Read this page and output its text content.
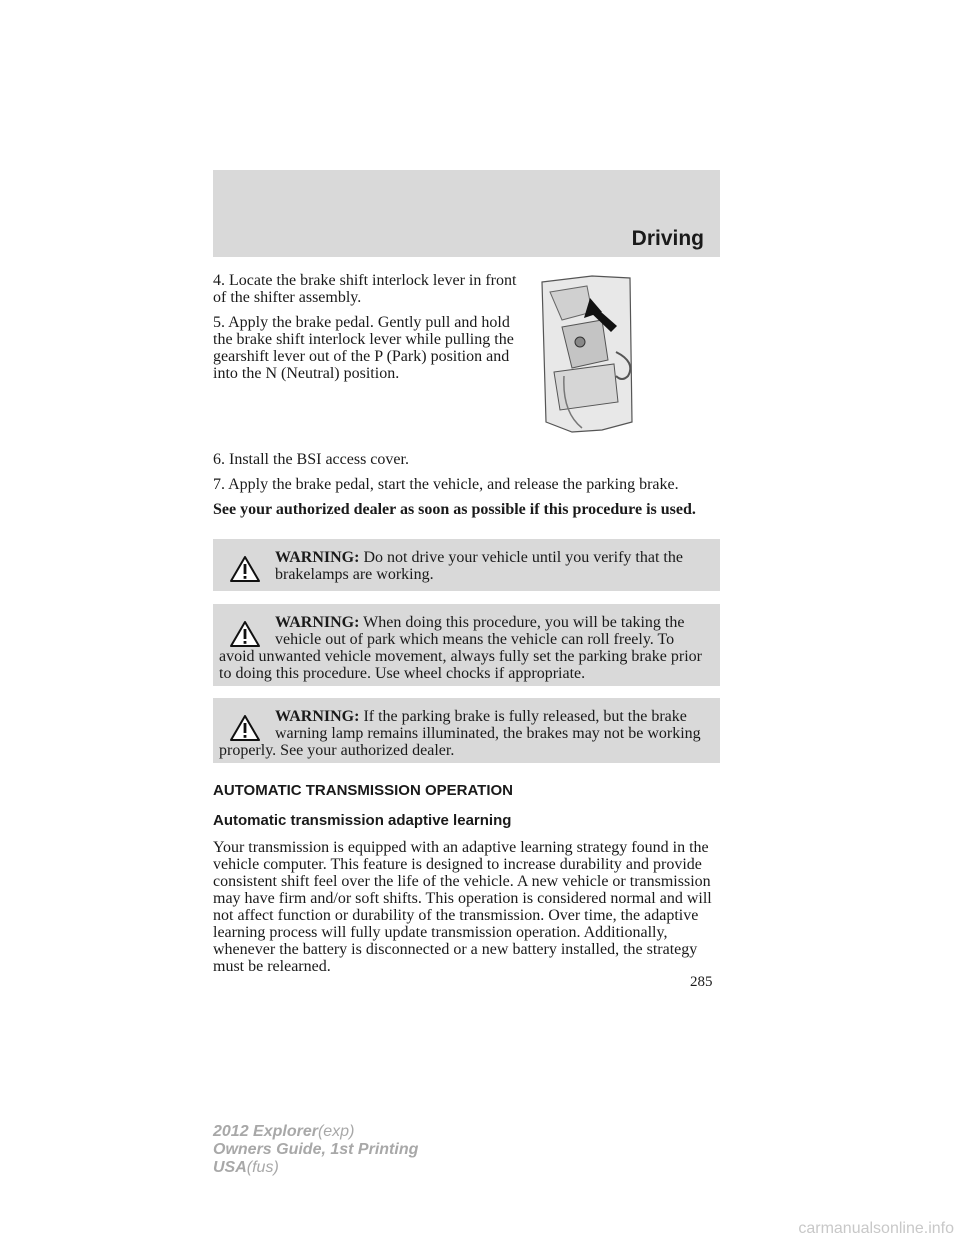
Driving

4. Locate the brake shift interlock lever in front of the shifter assembly.

5. Apply the brake pedal. Gently pull and hold the brake shift interlock lever while pulling the gearshift lever out of the P (Park) position and into the N (Neutral) position.

6. Install the BSI access cover.

7. Apply the brake pedal, start the vehicle, and release the parking brake.

See your authorized dealer as soon as possible if this procedure is used.

WARNING: Do not drive your vehicle until you verify that the brakelamps are working.
WARNING: When doing this procedure, you will be taking the vehicle out of park which means the vehicle can roll freely. To avoid unwanted vehicle movement, always fully set the parking brake prior to doing this procedure. Use wheel chocks if appropriate.
WARNING: If the parking brake is fully released, but the brake warning lamp remains illuminated, the brakes may not be working properly. See your authorized dealer.
AUTOMATIC TRANSMISSION OPERATION
Automatic transmission adaptive learning
Your transmission is equipped with an adaptive learning strategy found in the vehicle computer. This feature is designed to increase durability and provide consistent shift feel over the life of the vehicle. A new vehicle or transmission may have firm and/or soft shifts. This operation is considered normal and will not affect function or durability of the transmission. Over time, the adaptive learning process will fully update transmission operation. Additionally, whenever the battery is disconnected or a new battery installed, the strategy must be relearned.
285
2012 Explorer(exp)
Owners Guide, 1st Printing
USA(fus)
carmanualsonline.info
